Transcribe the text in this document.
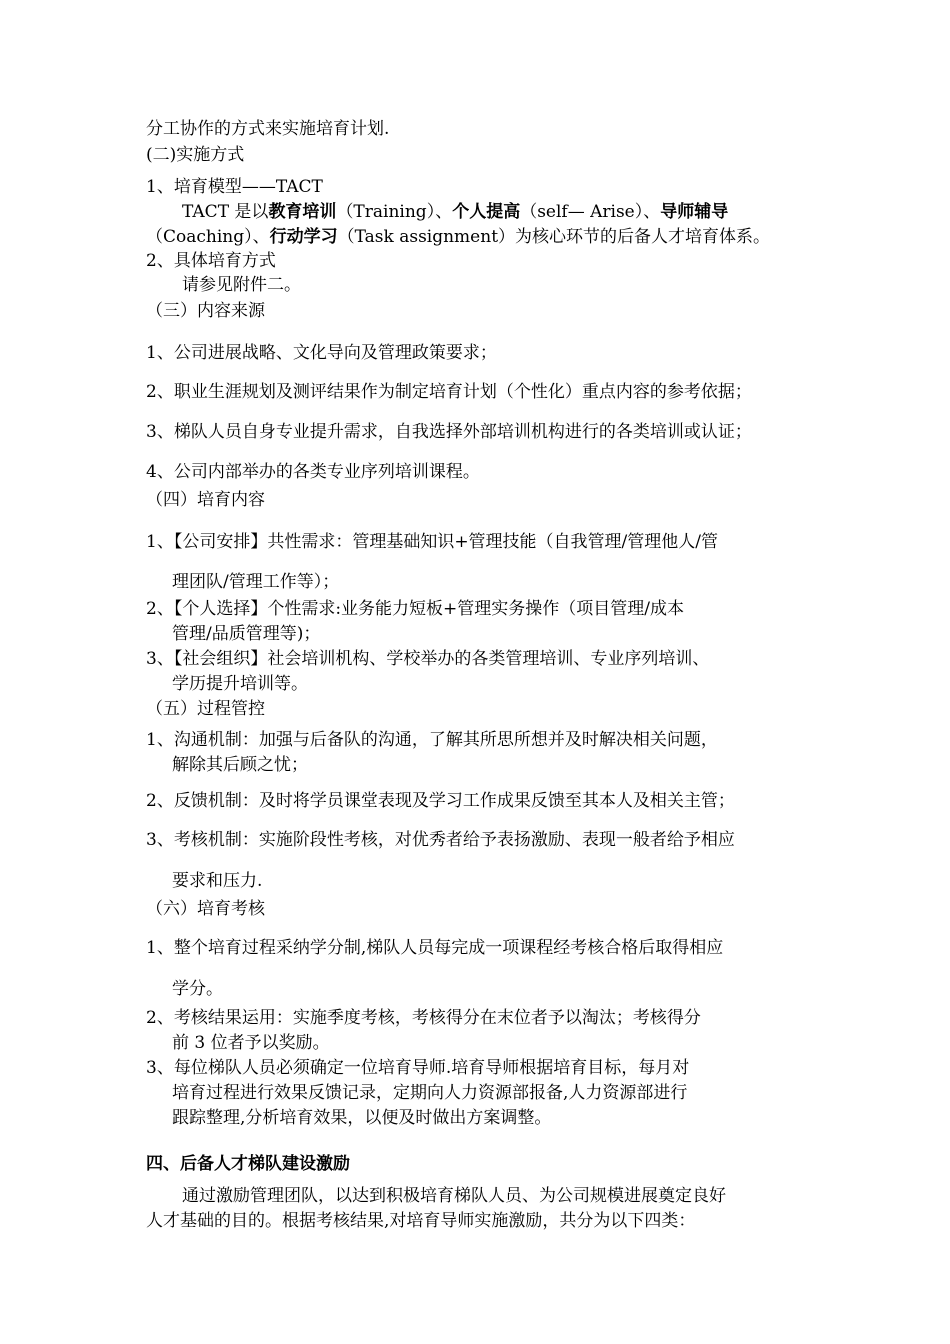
分工协作的方式来实施培育计划.
(二)实施方式
1、培育模型——TACT
TACT 是以教育培训（Training）、个人提高（self— Arise）、导师辅导
（Coaching）、行动学习（Task assignment）为核心环节的后备人才培育体系。
2、具体培育方式
请参见附件二。
（三）内容来源
1、公司进展战略、文化导向及管理政策要求；
2、职业生涯规划及测评结果作为制定培育计划（个性化）重点内容的参考依据；
3、梯队人员自身专业提升需求，自我选择外部培训机构进行的各类培训或认证；
4、公司内部举办的各类专业序列培训课程。
（四）培育内容
1、【公司安排】共性需求：管理基础知识+管理技能（自我管理/管理他人/管
理团队/管理工作等）；
2、【个人选择】个性需求:业务能力短板+管理实务操作（项目管理/成本
管理/品质管理等)；
3、【社会组织】社会培训机构、学校举办的各类管理培训、专业序列培训、
学历提升培训等。
（五）过程管控
1、沟通机制：加强与后备队的沟通，了解其所思所想并及时解决相关问题，
解除其后顾之忧；
2、反馈机制：及时将学员课堂表现及学习工作成果反馈至其本人及相关主管；
3、考核机制：实施阶段性考核，对优秀者给予表扬激励、表现一般者给予相应
要求和压力.
（六）培育考核
1、整个培育过程采纳学分制,梯队人员每完成一项课程经考核合格后取得相应
学分。
2、考核结果运用：实施季度考核，考核得分在末位者予以淘汰；考核得分
前 3 位者予以奖励。
3、每位梯队人员必须确定一位培育导师.培育导师根据培育目标，每月对
培育过程进行效果反馈记录，定期向人力资源部报备,人力资源部进行
跟踪整理,分析培育效果，以便及时做出方案调整。
四、后备人才梯队建设激励
通过激励管理团队，以达到积极培育梯队人员、为公司规模进展奠定良好
人才基础的目的。根据考核结果,对培育导师实施激励，共分为以下四类：
